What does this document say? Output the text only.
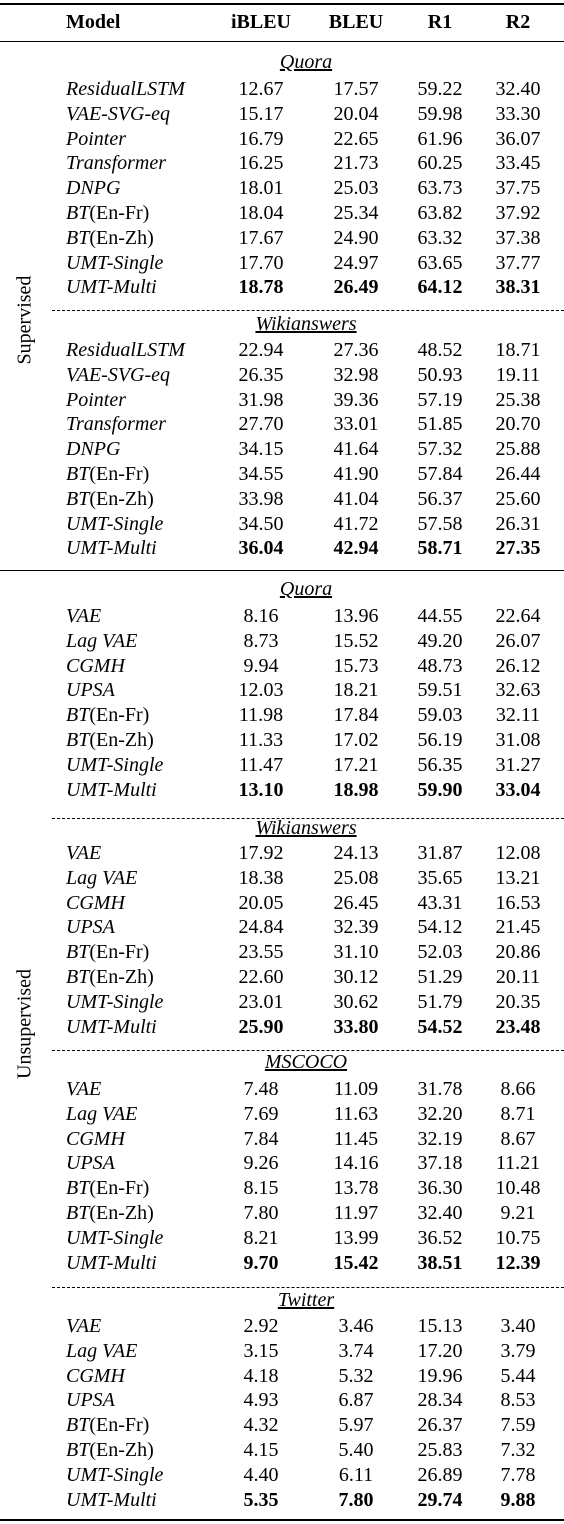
Model	iBLEU	BLEU	R1	R2
Supervised
Quora
ResidualLSTM	12.67	17.57	59.22	32.40
VAE-SVG-eq	15.17	20.04	59.98	33.30
Pointer	16.79	22.65	61.96	36.07
Transformer	16.25	21.73	60.25	33.45
DNPG	18.01	25.03	63.73	37.75
BT(En-Fr)	18.04	25.34	63.82	37.92
BT(En-Zh)	17.67	24.90	63.32	37.38
UMT-Single	17.70	24.97	63.65	37.77
UMT-Multi	18.78	26.49	64.12	38.31
Wikianswers
ResidualLSTM	22.94	27.36	48.52	18.71
VAE-SVG-eq	26.35	32.98	50.93	19.11
Pointer	31.98	39.36	57.19	25.38
Transformer	27.70	33.01	51.85	20.70
DNPG	34.15	41.64	57.32	25.88
BT(En-Fr)	34.55	41.90	57.84	26.44
BT(En-Zh)	33.98	41.04	56.37	25.60
UMT-Single	34.50	41.72	57.58	26.31
UMT-Multi	36.04	42.94	58.71	27.35
Unsupervised
Quora
VAE	8.16	13.96	44.55	22.64
Lag VAE	8.73	15.52	49.20	26.07
CGMH	9.94	15.73	48.73	26.12
UPSA	12.03	18.21	59.51	32.63
BT(En-Fr)	11.98	17.84	59.03	32.11
BT(En-Zh)	11.33	17.02	56.19	31.08
UMT-Single	11.47	17.21	56.35	31.27
UMT-Multi	13.10	18.98	59.90	33.04
Wikianswers
VAE	17.92	24.13	31.87	12.08
Lag VAE	18.38	25.08	35.65	13.21
CGMH	20.05	26.45	43.31	16.53
UPSA	24.84	32.39	54.12	21.45
BT(En-Fr)	23.55	31.10	52.03	20.86
BT(En-Zh)	22.60	30.12	51.29	20.11
UMT-Single	23.01	30.62	51.79	20.35
UMT-Multi	25.90	33.80	54.52	23.48
MSCOCO
VAE	7.48	11.09	31.78	8.66
Lag VAE	7.69	11.63	32.20	8.71
CGMH	7.84	11.45	32.19	8.67
UPSA	9.26	14.16	37.18	11.21
BT(En-Fr)	8.15	13.78	36.30	10.48
BT(En-Zh)	7.80	11.97	32.40	9.21
UMT-Single	8.21	13.99	36.52	10.75
UMT-Multi	9.70	15.42	38.51	12.39
Twitter
VAE	2.92	3.46	15.13	3.40
Lag VAE	3.15	3.74	17.20	3.79
CGMH	4.18	5.32	19.96	5.44
UPSA	4.93	6.87	28.34	8.53
BT(En-Fr)	4.32	5.97	26.37	7.59
BT(En-Zh)	4.15	5.40	25.83	7.32
UMT-Single	4.40	6.11	26.89	7.78
UMT-Multi	5.35	7.80	29.74	9.88
